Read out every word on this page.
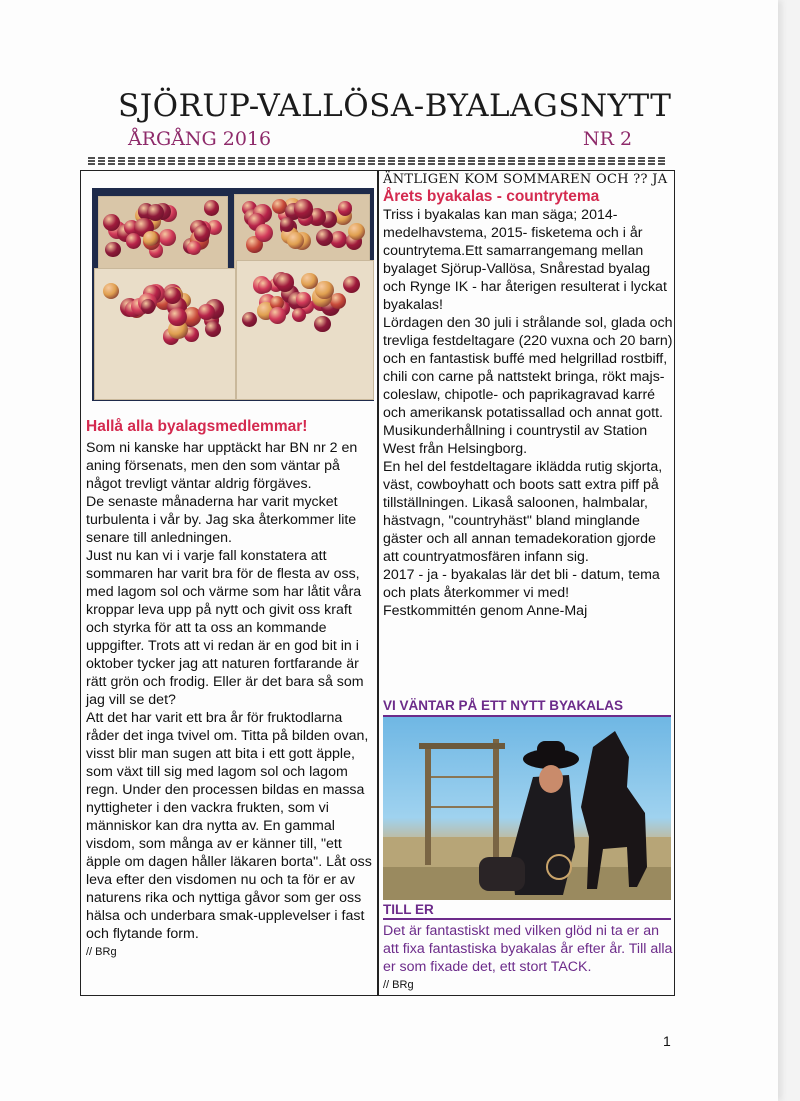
SJÖRUP-VALLÖSA-BYALAGSNYTT
ÅRGÅNG 2016	NR 2
Hallå alla byalagsmedlemmar!

Som ni kanske har upptäckt har BN nr 2 en aning försenats, men den som väntar på något trevligt väntar aldrig förgäves.

De senaste månaderna har varit mycket turbulenta i vår by. Jag ska återkommer lite senare till anledningen.

Just nu kan vi i varje fall konstatera att sommaren har varit bra för de flesta av oss, med lagom sol och värme som har låtit våra kroppar leva upp på nytt och givit oss kraft och styrka för att ta oss an kommande uppgifter. Trots att vi redan är en god bit in i oktober tycker jag att naturen fortfarande är rätt grön och frodig. Eller är det bara så som jag vill se det?

Att det har varit ett bra år för fruktodlarna råder det inga tvivel om. Titta på bilden ovan, visst blir man sugen att bita i ett gott äpple, som växt till sig med lagom sol och lagom regn. Under den processen bildas en massa nyttigheter i den vackra frukten, som vi människor kan dra nytta av. En gammal visdom, som många av er känner till, "ett

äpple om dagen håller läkaren borta". Låt oss leva efter den visdomen nu och ta för er av naturens rika och nyttiga gåvor som ger oss hälsa och underbara smak-upplevelser i fast och flytande form.

// BRg
ÄNTLIGEN KOM SOMMAREN OCH ?? JA
Årets byakalas - countrytema

Triss i byakalas kan man säga; 2014- medelhavstema, 2015- fisketema och i år countrytema.Ett samarrangemang mellan byalaget Sjörup-Vallösa, Snårestad byalag och Rynge IK - har återigen resulterat i lyckat byakalas!

Lördagen den 30 juli i strålande sol, glada och trevliga festdeltagare (220 vuxna och 20 barn) och en fantastisk buffé med helgrillad rostbiff, chili con carne på nattstekt bringa, rökt majs-coleslaw, chipotle- och paprikagravad karré och amerikansk potatissallad och annat gott.

Musikunderhållning i countrystil av Station West från Helsingborg.

En hel del festdeltagare iklädda rutig skjorta, väst, cowboyhatt och boots satt extra piff på tillställningen. Likaså saloonen, halmbalar, hästvagn, "countryhäst" bland minglande gäster och all annan temadekoration gjorde att countryatmosfären infann sig.

2017 - ja - byakalas lär det bli - datum, tema och plats återkommer vi med!

Festkommittén genom Anne-Maj

VI VÄNTAR PÅ ETT NYTT BYAKALAS
TILL ER
Det är fantastiskt med vilken glöd ni ta er an att fixa fantastiska byakalas år efter år. Till alla er som fixade det, ett stort TACK.
// BRg
1
